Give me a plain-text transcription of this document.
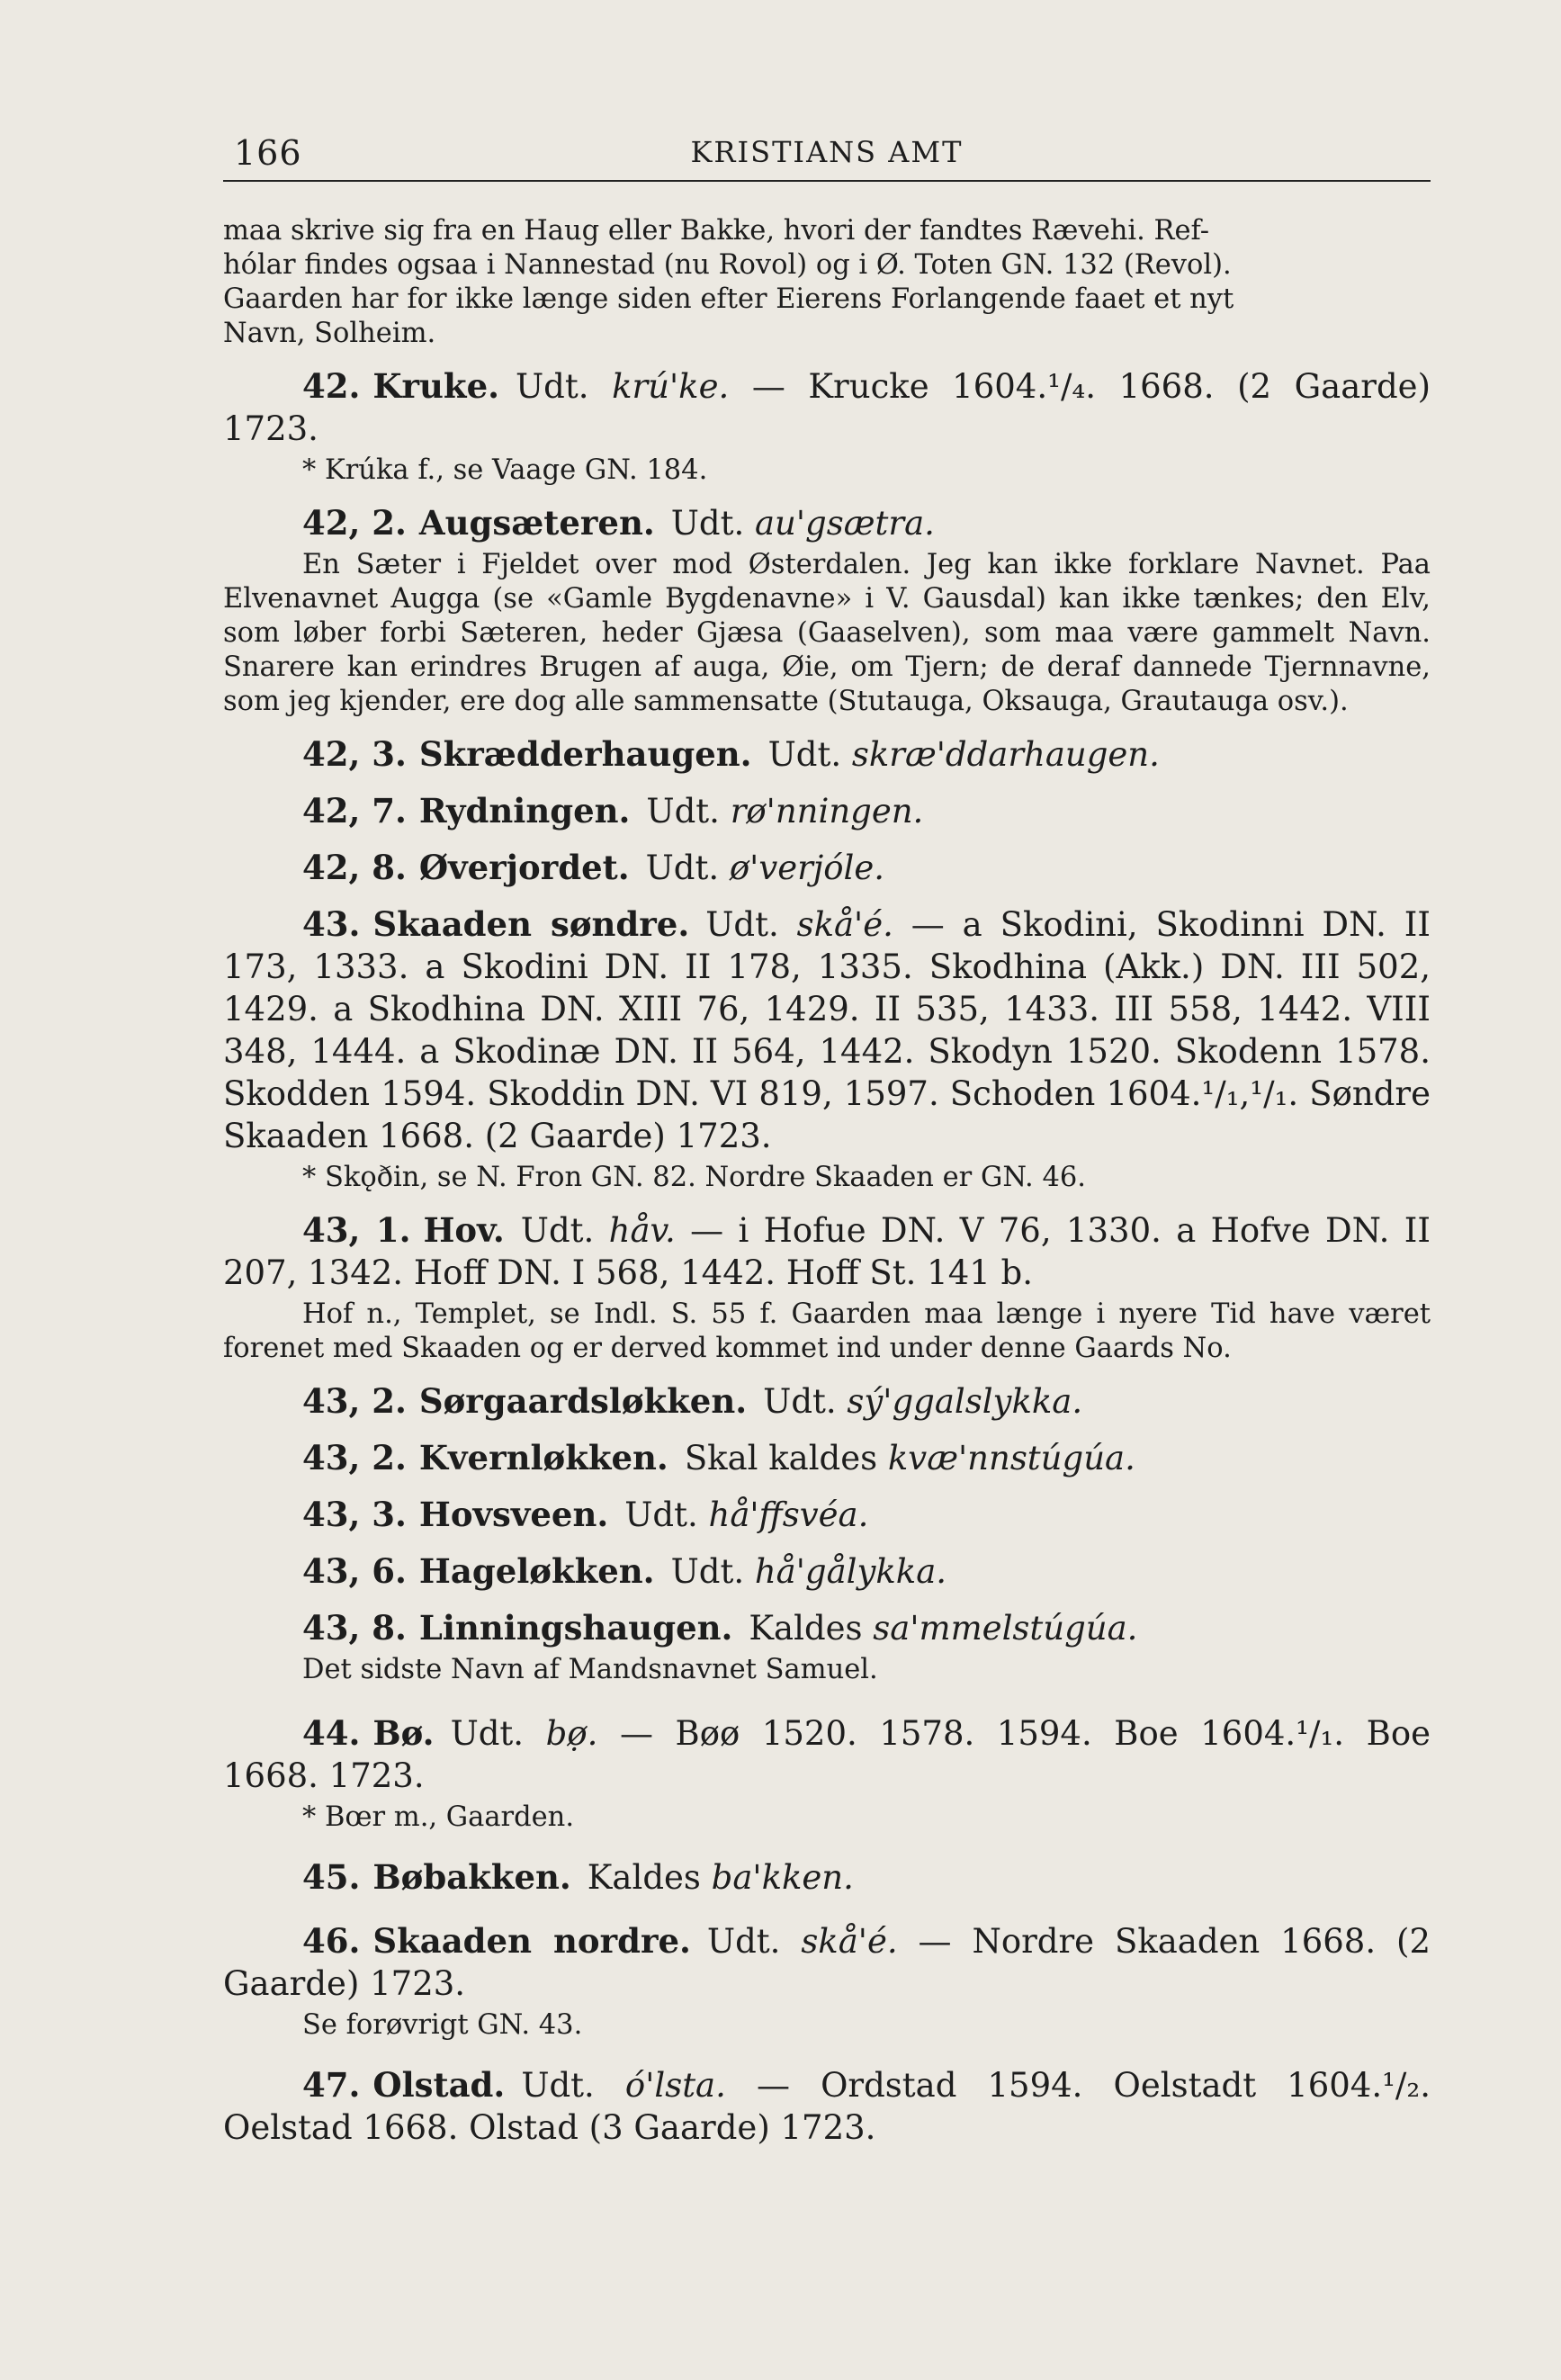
166	KRISTIANS AMT
maa skrive sig fra en Haug eller Bakke, hvori der fandtes Rævehi. Ref-
hólar findes ogsaa i Nannestad (nu Rovol) og i Ø. Toten GN. 132 (Revol).
Gaarden har for ikke længe siden efter Eierens Forlangende faaet et nyt
Navn, Solheim.

42. Kruke. Udt. krú'ke. — Krucke 1604.¹/₄. 1668. (2 Gaarde) 1723.

* Krúka f., se Vaage GN. 184.

42, 2. Augsæteren. Udt. au'gsætra.

En Sæter i Fjeldet over mod Østerdalen. Jeg kan ikke forklare Navnet. Paa Elvenavnet Augga (se «Gamle Bygdenavne» i V. Gausdal) kan ikke tænkes; den Elv, som løber forbi Sæteren, heder Gjæsa (Gaaselven), som maa være gammelt Navn. Snarere kan erindres Brugen af auga, Øie, om Tjern; de deraf dannede Tjernnavne, som jeg kjender, ere dog alle sammensatte (Stutauga, Oksauga, Grautauga osv.).

42, 3. Skrædderhaugen. Udt. skræ'ddarhaugen.

42, 7. Rydningen. Udt. rø'nningen.

42, 8. Øverjordet. Udt. ø'verjóle.

43. Skaaden søndre. Udt. skå'é. — a Skodini, Skodinni DN. II 173, 1333. a Skodini DN. II 178, 1335. Skodhina (Akk.) DN. III 502, 1429. a Skodhina DN. XIII 76, 1429. II 535, 1433. III 558, 1442. VIII 348, 1444. a Skodinæ DN. II 564, 1442. Skodyn 1520. Skodenn 1578. Skodden 1594. Skoddin DN. VI 819, 1597. Schoden 1604.¹/₁,¹/₁. Søndre Skaaden 1668. (2 Gaarde) 1723.

* Skǫðin, se N. Fron GN. 82. Nordre Skaaden er GN. 46.

43, 1. Hov. Udt. håv. — i Hofue DN. V 76, 1330. a Hofve DN. II 207, 1342. Hoff DN. I 568, 1442. Hoff St. 141 b.

Hof n., Templet, se Indl. S. 55 f. Gaarden maa længe i nyere Tid have været forenet med Skaaden og er derved kommet ind under denne Gaards No.

43, 2. Sørgaardsløkken. Udt. sý'ggalslykka.

43, 2. Kvernløkken. Skal kaldes kvæ'nnstúgúa.

43, 3. Hovsveen. Udt. hå'ffsvéa.

43, 6. Hageløkken. Udt. hå'gålykka.

43, 8. Linningshaugen. Kaldes sa'mmelstúgúa.

Det sidste Navn af Mandsnavnet Samuel.

44. Bø. Udt. bø̣. — Bøø 1520. 1578. 1594. Boe 1604.¹/₁. Boe 1668. 1723.

* Bœr m., Gaarden.

45. Bøbakken. Kaldes ba'kken.

46. Skaaden nordre. Udt. skå'é. — Nordre Skaaden 1668. (2 Gaarde) 1723.

Se forøvrigt GN. 43.

47. Olstad. Udt. ó'lsta. — Ordstad 1594. Oelstadt 1604.¹/₂. Oelstad 1668. Olstad (3 Gaarde) 1723.
